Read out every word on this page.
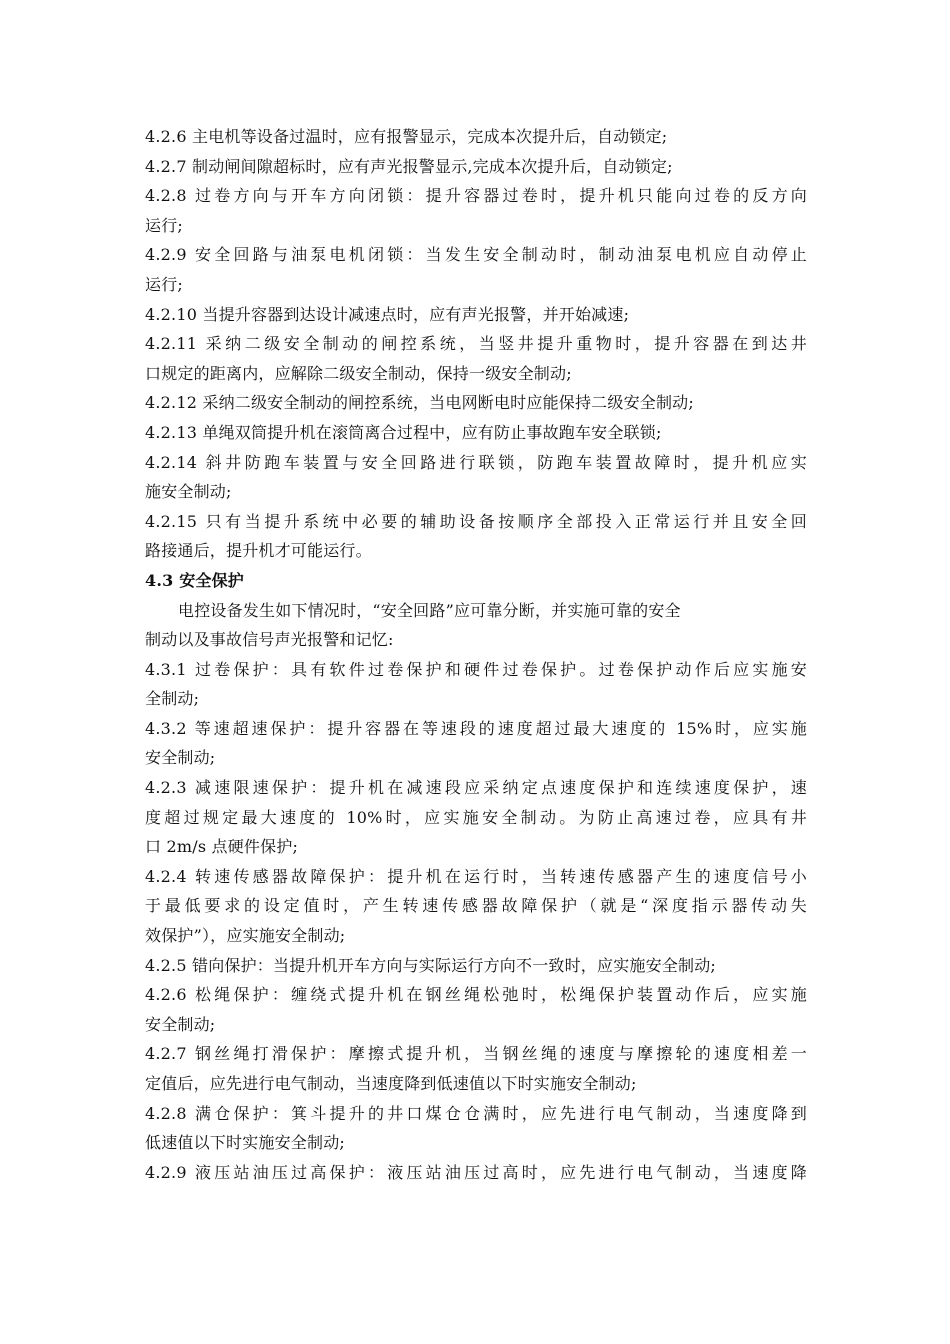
4.2.6 主电机等设备过温时，应有报警显示，完成本次提升后，自动锁定;
4.2.7 制动闸间隙超标时，应有声光报警显示,完成本次提升后，自动锁定;
4.2.8 过卷方向与开车方向闭锁：提升容器过卷时，提升机只能向过卷的反方向
运行;
4.2.9 安全回路与油泵电机闭锁：当发生安全制动时，制动油泵电机应自动停止
运行;
4.2.10 当提升容器到达设计减速点时，应有声光报警，并开始减速;
4.2.11 采纳二级安全制动的闸控系统，当竖井提升重物时，提升容器在到达井
口规定的距离内，应解除二级安全制动，保持一级安全制动;
4.2.12 采纳二级安全制动的闸控系统，当电网断电时应能保持二级安全制动;
4.2.13 单绳双筒提升机在滚筒离合过程中，应有防止事故跑车安全联锁;
4.2.14 斜井防跑车装置与安全回路进行联锁，防跑车装置故障时，提升机应实
施安全制动;
4.2.15 只有当提升系统中必要的辅助设备按顺序全部投入正常运行并且安全回
路接通后，提升机才可能运行。
4.3 安全保护
电控设备发生如下情况时，“安全回路”应可靠分断，并实施可靠的安全
制动以及事故信号声光报警和记忆:
4.3.1 过卷保护：具有软件过卷保护和硬件过卷保护。过卷保护动作后应实施安
全制动;
4.3.2 等速超速保护：提升容器在等速段的速度超过最大速度的 15%时，应实施
安全制动;
4.2.3 减速限速保护：提升机在减速段应采纳定点速度保护和连续速度保护，速
度超过规定最大速度的 10%时，应实施安全制动。为防止高速过卷，应具有井
口 2m/s 点硬件保护;
4.2.4 转速传感器故障保护：提升机在运行时，当转速传感器产生的速度信号小
于最低要求的设定值时，产生转速传感器故障保护（就是“深度指示器传动失
效保护”），应实施安全制动;
4.2.5 错向保护：当提升机开车方向与实际运行方向不一致时，应实施安全制动;
4.2.6 松绳保护：缠绕式提升机在钢丝绳松弛时，松绳保护装置动作后，应实施
安全制动;
4.2.7 钢丝绳打滑保护：摩擦式提升机，当钢丝绳的速度与摩擦轮的速度相差一
定值后，应先进行电气制动，当速度降到低速值以下时实施安全制动;
4.2.8 满仓保护：箕斗提升的井口煤仓仓满时，应先进行电气制动，当速度降到
低速值以下时实施安全制动;
4.2.9 液压站油压过高保护：液压站油压过高时，应先进行电气制动，当速度降
